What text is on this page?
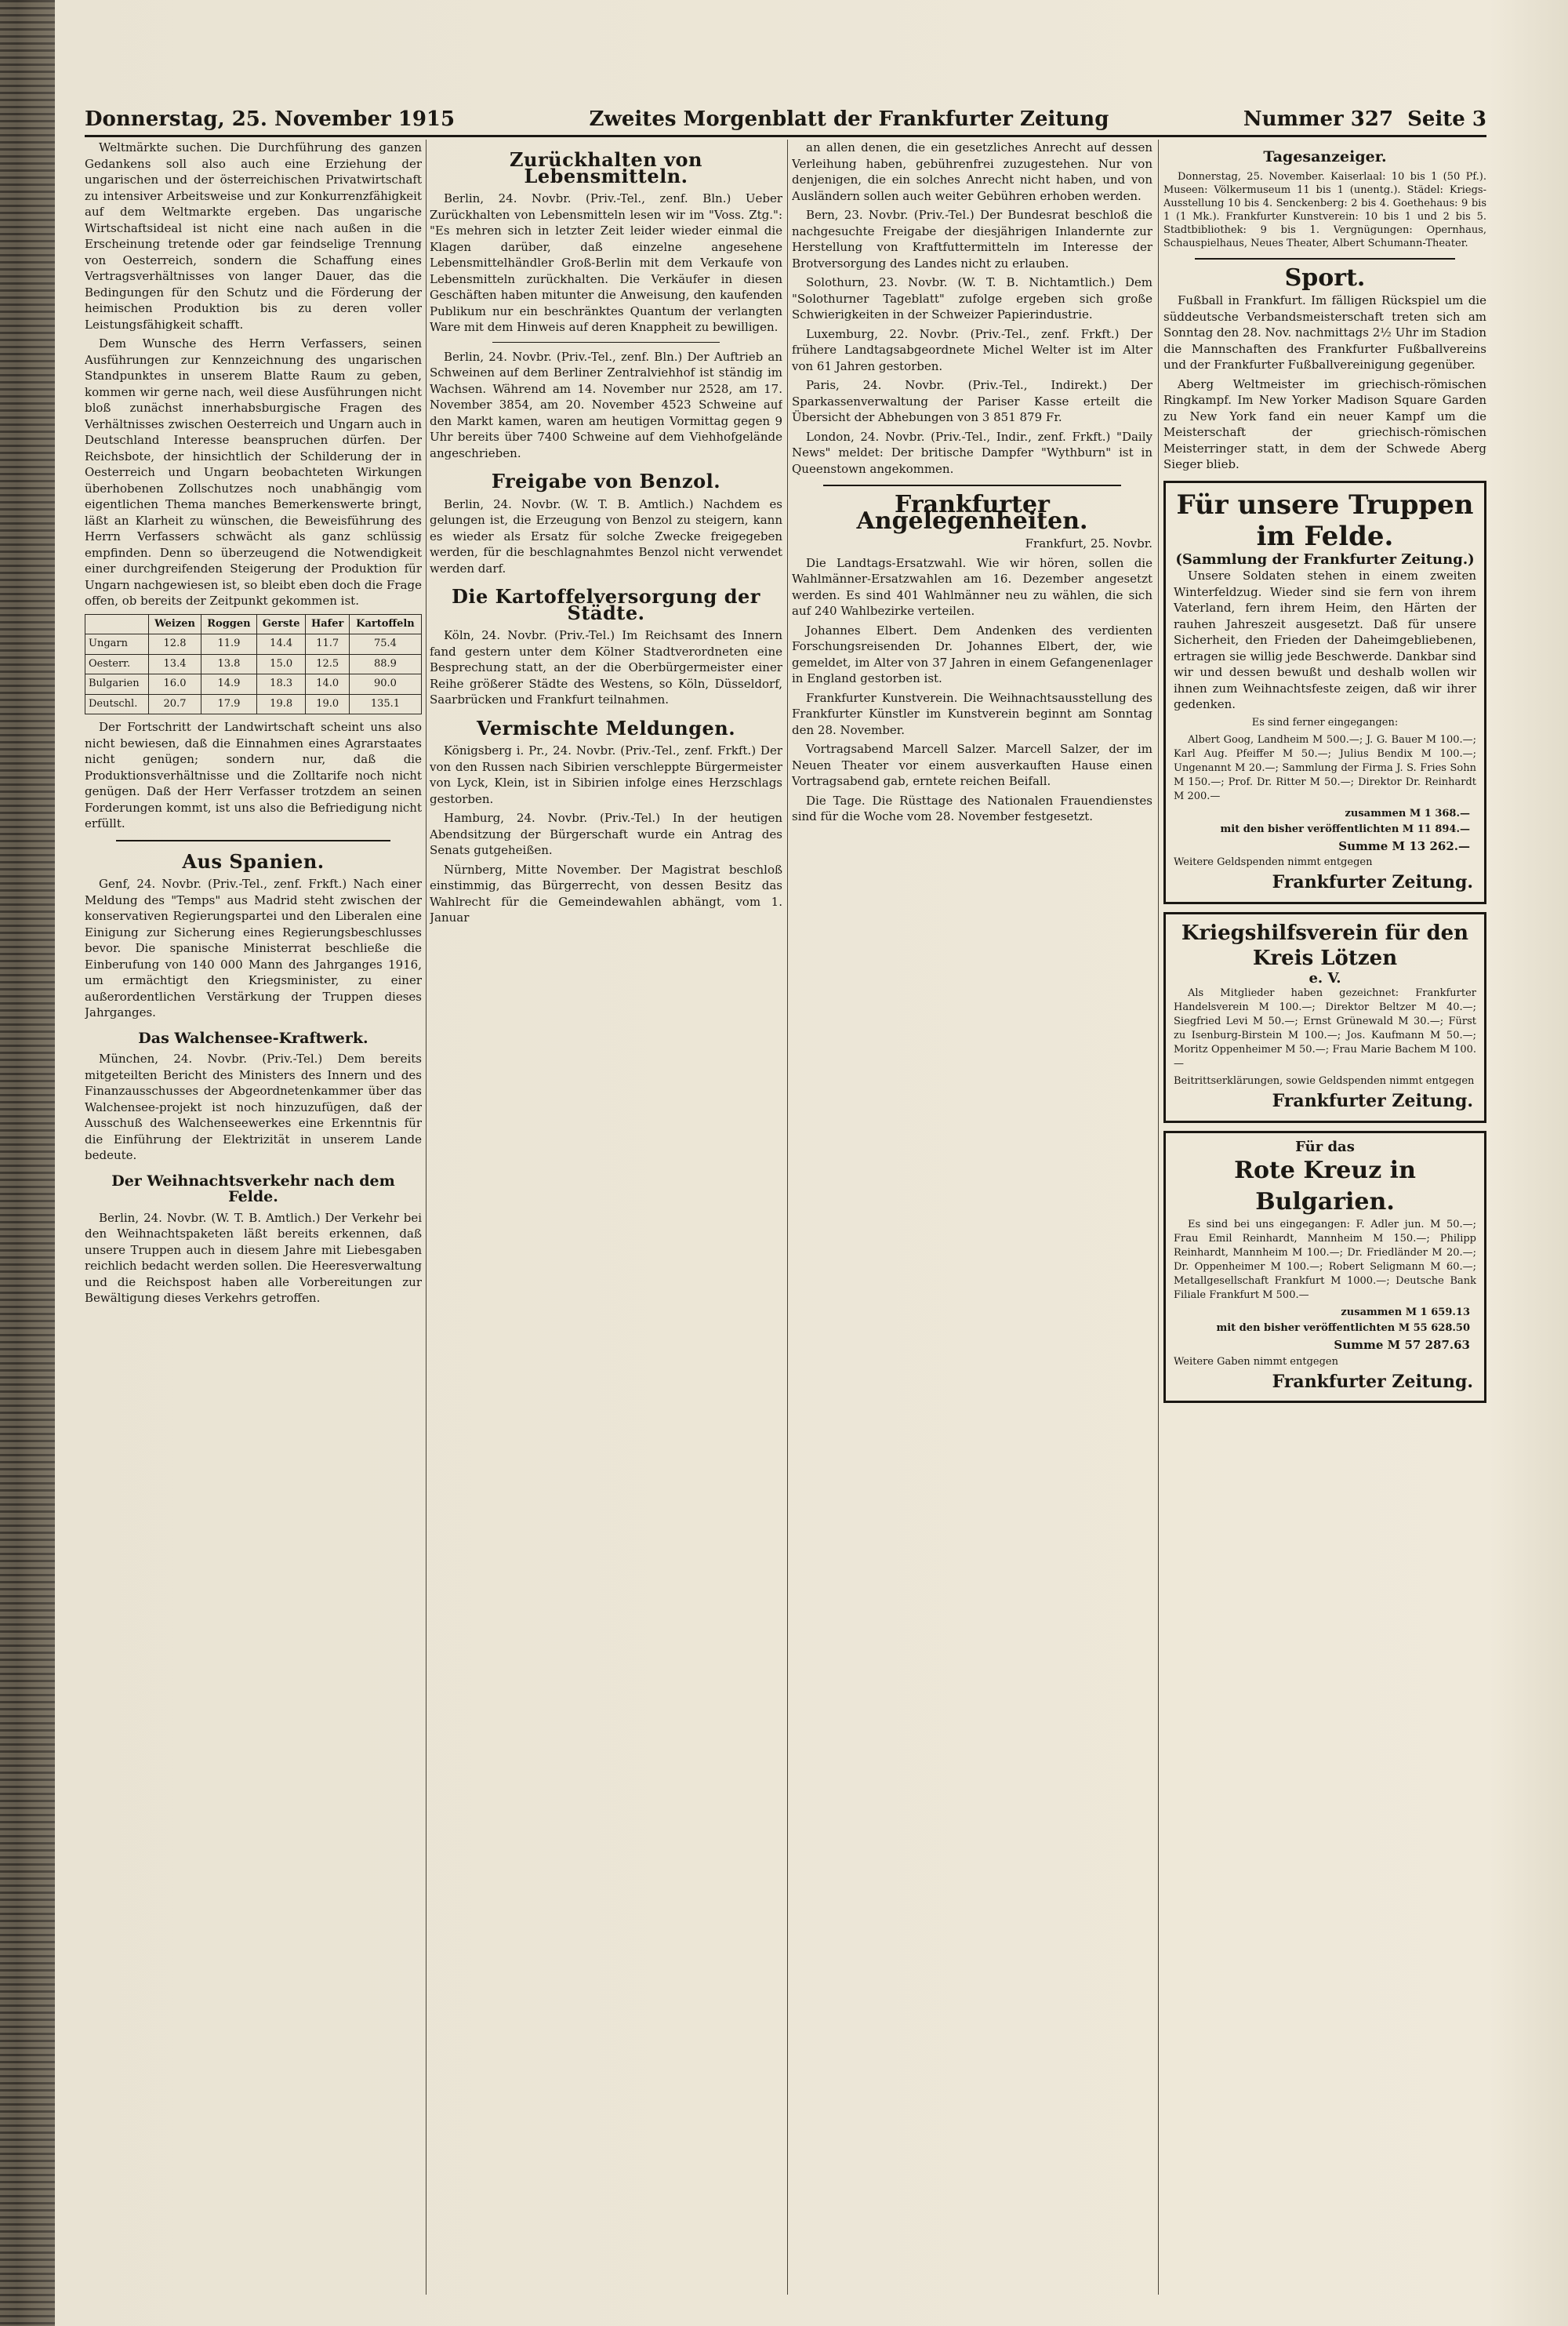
Donnerstag, 25. November 1915	Zweites Morgenblatt der Frankfurter Zeitung	Nummer 327 Seite 3

Weltmärkte suchen. Die Durchführung des ganzen Gedankens soll also auch eine Erziehung der ungarischen und der österreichischen Privatwirtschaft zu intensiver Arbeitsweise und zur Konkurrenzfähigkeit auf dem Weltmarkte ergeben. Das ungarische Wirtschaftsideal ist nicht eine nach außen in die Erscheinung tretende oder gar feindselige Trennung von Oesterreich, sondern die Schaffung eines Vertragsverhältnisses von langer Dauer, das die Bedingungen für den Schutz und die Förderung der heimischen Produktion bis zu deren voller Leistungsfähigkeit schafft.

Dem Wunsche des Herrn Verfassers, seinen Ausführungen zur Kennzeichnung des ungarischen Standpunktes in unserem Blatte Raum zu geben, kommen wir gerne nach, weil diese Ausführungen nicht bloß zunächst innerhabsburgische Fragen des Verhältnisses zwischen Oesterreich und Ungarn auch in Deutschland Interesse beanspruchen dürfen. Der Reichsbote, der hinsichtlich der Schilderung der in Oesterreich und Ungarn beobachteten Wirkungen überhobenen Zollschutzes noch unabhängig vom eigentlichen Thema manches Bemerkenswerte bringt, läßt an Klarheit zu wünschen, die Beweisführung des Herrn Verfassers schwächt als ganz schlüssig empfinden. Denn so überzeugend die Notwendigkeit einer durchgreifenden Steigerung der Produktion für Ungarn nachgewiesen ist, so bleibt eben doch die Frage offen, ob bereits der Zeitpunkt gekommen ist.

	Weizen	Roggen	Gerste	Hafer	Kartoffeln
Ungarn	12.8	11.9	14.4	11.7	75.4
Oesterr.	13.4	13.8	15.0	12.5	88.9
Bulgarien	16.0	14.9	18.3	14.0	90.0
Deutschl.	20.7	17.9	19.8	19.0	135.1

Der Fortschritt der Landwirtschaft scheint uns also nicht bewiesen, daß die Einnahmen eines Agrarstaates nicht genügen; sondern nur, daß die Produktionsverhältnisse und die Zolltarife noch nicht genügen. Daß der Herr Verfasser trotzdem an seinen Forderungen kommt, ist uns also die Befriedigung nicht erfüllt.

Aus Spanien.

Genf, 24. Novbr. (Priv.-Tel., zenf. Frkft.) Nach einer Meldung des "Temps" aus Madrid steht zwischen der konservativen Regierungspartei und den Liberalen eine Einigung zur Sicherung eines Regierungsbeschlusses bevor. Die spanische Ministerrat beschließe die Einberufung von 140 000 Mann des Jahrganges 1916, um ermächtigt den Kriegsminister, zu einer außerordentlichen Verstärkung der Truppen dieses Jahrganges.

Das Walchensee-Kraftwerk.

München, 24. Novbr. (Priv.-Tel.) Dem bereits mitgeteilten Bericht des Ministers des Innern und des Finanzausschusses der Abgeordnetenkammer über das Walchensee-projekt ist noch hinzuzufügen, daß der Ausschuß des Walchenseewerkes eine Erkenntnis für die Einführung der Elektrizität in unserem Lande bedeute.

Der Weihnachtsverkehr nach dem Felde.

Berlin, 24. Novbr. (W. T. B. Amtlich.) Der Verkehr bei den Weihnachtspaketen läßt bereits erkennen, daß unsere Truppen auch in diesem Jahre mit Liebesgaben reichlich bedacht werden sollen. Die Heeresverwaltung und die Reichspost haben alle Vorbereitungen zur Bewältigung dieses Verkehrs getroffen.

Zurückhalten von Lebensmitteln.

Berlin, 24. Novbr. (Priv.-Tel., zenf. Bln.) Ueber Zurückhalten von Lebensmitteln lesen wir im "Voss. Ztg.": "Es mehren sich in letzter Zeit leider wieder einmal die Klagen darüber, daß einzelne angesehene Lebensmittelhändler Groß-Berlin mit dem Verkaufe von Lebensmitteln zurückhalten. Die Verkäufer in diesen Geschäften haben mitunter die Anweisung, den kaufenden Publikum nur ein beschränktes Quantum der verlangten Ware mit dem Hinweis auf deren Knappheit zu bewilligen.

Berlin, 24. Novbr. (Priv.-Tel., zenf. Bln.) Der Auftrieb an Schweinen auf dem Berliner Zentralviehhof ist ständig im Wachsen. Während am 14. November nur 2528, am 17. November 3854, am 20. November 4523 Schweine auf den Markt kamen, waren am heutigen Vormittag gegen 9 Uhr bereits über 7400 Schweine auf dem Viehhofgelände angeschrieben.

Freigabe von Benzol.

Berlin, 24. Novbr. (W. T. B. Amtlich.) Nachdem es gelungen ist, die Erzeugung von Benzol zu steigern, kann es wieder als Ersatz für solche Zwecke freigegeben werden, für die beschlagnahmtes Benzol nicht verwendet werden darf.

Die Kartoffelversorgung der Städte.

Köln, 24. Novbr. (Priv.-Tel.) Im Reichsamt des Innern fand gestern unter dem Kölner Stadtverordneten eine Besprechung statt, an der die Oberbürgermeister einer Reihe größerer Städte des Westens, so Köln, Düsseldorf, Saarbrücken und Frankfurt teilnahmen.

Vermischte Meldungen.

Königsberg i. Pr., 24. Novbr. (Priv.-Tel., zenf. Frkft.) Der von den Russen nach Sibirien verschleppte Bürgermeister von Lyck, Klein, ist in Sibirien infolge eines Herzschlags gestorben.

Hamburg, 24. Novbr. (Priv.-Tel.) In der heutigen Abendsitzung der Bürgerschaft wurde ein Antrag des Senats gutgeheißen.

Nürnberg, Mitte November. Der Magistrat beschloß einstimmig, das Bürgerrecht, von dessen Besitz das Wahlrecht für die Gemeindewahlen abhängt, vom 1. Januar

an allen denen, die ein gesetzliches Anrecht auf dessen Verleihung haben, gebührenfrei zuzugestehen. Nur von denjenigen, die ein solches Anrecht nicht haben, und von Ausländern sollen auch weiter Gebühren erhoben werden.

Bern, 23. Novbr. (Priv.-Tel.) Der Bundesrat beschloß die nachgesuchte Freigabe der diesjährigen Inlandernte zur Herstellung von Kraftfuttermitteln im Interesse der Brotversorgung des Landes nicht zu erlauben.

Solothurn, 23. Novbr. (W. T. B. Nichtamtlich.) Dem "Solothurner Tageblatt" zufolge ergeben sich große Schwierigkeiten in der Schweizer Papierindustrie.

Luxemburg, 22. Novbr. (Priv.-Tel., zenf. Frkft.) Der frühere Landtagsabgeordnete Michel Welter ist im Alter von 61 Jahren gestorben.

Paris, 24. Novbr. (Priv.-Tel., Indirekt.) Der Sparkassenverwaltung der Pariser Kasse erteilt die Übersicht der Abhebungen von 3 851 879 Fr.

London, 24. Novbr. (Priv.-Tel., Indir., zenf. Frkft.) "Daily News" meldet: Der britische Dampfer "Wythburn" ist in Queenstown angekommen.

Frankfurter Angelegenheiten.

Frankfurt, 25. Novbr.

Die Landtags-Ersatzwahl. Wie wir hören, sollen die Wahlmänner-Ersatzwahlen am 16. Dezember angesetzt werden. Es sind 401 Wahlmänner neu zu wählen, die sich auf 240 Wahlbezirke verteilen.

Johannes Elbert. Dem Andenken des verdienten Forschungsreisenden Dr. Johannes Elbert, der, wie gemeldet, im Alter von 37 Jahren in einem Gefangenenlager in England gestorben ist.

Frankfurter Kunstverein. Die Weihnachtsausstellung des Frankfurter Künstler im Kunstverein beginnt am Sonntag den 28. November.

Vortragsabend Marcell Salzer. Marcell Salzer, der im Neuen Theater vor einem ausverkauften Hause einen Vortragsabend gab, erntete reichen Beifall.

Die Tage. Die Rüsttage des Nationalen Frauendienstes sind für die Woche vom 28. November festgesetzt.

Tagesanzeiger.

Donnerstag, 25. November. Kaiserlaal: 10 bis 1 (50 Pf.). Museen: Völkermuseum 11 bis 1 (unentg.). Städel: Kriegs-Ausstellung 10 bis 4. Senckenberg: 2 bis 4. Goethehaus: 9 bis 1 (1 Mk.). Frankfurter Kunstverein: 10 bis 1 und 2 bis 5. Stadtbibliothek: 9 bis 1. Vergnügungen: Opernhaus, Schauspielhaus, Neues Theater, Albert Schumann-Theater.

Sport.

Fußball in Frankfurt. Im fälligen Rückspiel um die süddeutsche Verbandsmeisterschaft treten sich am Sonntag den 28. Nov. nachmittags 2½ Uhr im Stadion die Mannschaften des Frankfurter Fußballvereins und der Frankfurter Fußballvereinigung gegenüber.

Aberg Weltmeister im griechisch-römischen Ringkampf. Im New Yorker Madison Square Garden zu New York fand ein neuer Kampf um die Meisterschaft der griechisch-römischen Meisterringer statt, in dem der Schwede Aberg Sieger blieb.

Für unsere Truppen im Felde.
(Sammlung der Frankfurter Zeitung.)

Unsere Soldaten stehen in einem zweiten Winterfeldzug. Wieder sind sie fern von ihrem Vaterland, fern ihrem Heim, den Härten der rauhen Jahreszeit ausgesetzt. Daß für unsere Sicherheit, den Frieden der Daheimgebliebenen, ertragen sie willig jede Beschwerde. Dankbar sind wir und dessen bewußt und deshalb wollen wir ihnen zum Weihnachtsfeste zeigen, daß wir ihrer gedenken.

Es sind ferner eingegangen:

Albert Goog, Landheim M 500.—; J. G. Bauer M 100.—; Karl Aug. Pfeiffer M 50.—; Julius Bendix M 100.—; Ungenannt M 20.—; Sammlung der Firma J. S. Fries Sohn M 150.—; Prof. Dr. Ritter M 50.—; Direktor Dr. Reinhardt M 200.—

zusammen M 1 368.—
mit den bisher veröffentlichten M 11 894.—
Summe M 13 262.—

Weitere Geldspenden nimmt entgegen

Frankfurter Zeitung.
Kriegshilfsverein für den Kreis Lötzen
e. V.

Als Mitglieder haben gezeichnet: Frankfurter Handelsverein M 100.—; Direktor Beltzer M 40.—; Siegfried Levi M 50.—; Ernst Grünewald M 30.—; Fürst zu Isenburg-Birstein M 100.—; Jos. Kaufmann M 50.—; Moritz Oppenheimer M 50.—; Frau Marie Bachem M 100.—

Beitrittserklärungen, sowie Geldspenden nimmt entgegen

Frankfurter Zeitung.
Für das
Rote Kreuz in Bulgarien.

Es sind bei uns eingegangen: F. Adler jun. M 50.—; Frau Emil Reinhardt, Mannheim M 150.—; Philipp Reinhardt, Mannheim M 100.—; Dr. Friedländer M 20.—; Dr. Oppenheimer M 100.—; Robert Seligmann M 60.—; Metallgesellschaft Frankfurt M 1000.—; Deutsche Bank Filiale Frankfurt M 500.—

zusammen M 1 659.13
mit den bisher veröffentlichten M 55 628.50
Summe M 57 287.63

Weitere Gaben nimmt entgegen

Frankfurter Zeitung.
